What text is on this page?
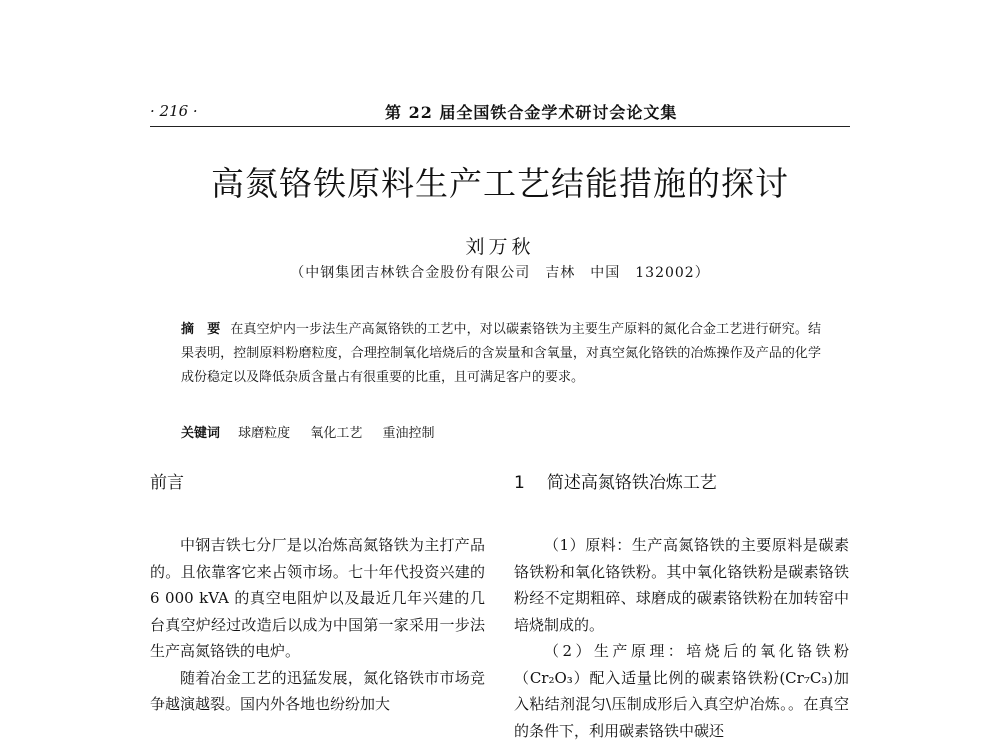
· 216 ·	第 22 届全国铁合金学术研讨会论文集
高氮铬铁原料生产工艺结能措施的探讨
刘万秋
（中钢集团吉林铁合金股份有限公司　吉林　中国　132002）
摘　要 在真空炉内一步法生产高氮铬铁的工艺中，对以碳素铬铁为主要生产原料的氮化合金工艺进行研究。结果表明，控制原料粉磨粒度，合理控制氧化培烧后的含炭量和含氧量，对真空氮化铬铁的冶炼操作及产品的化学成份稳定以及降低杂质含量占有很重要的比重，且可满足客户的要求。
关键词 球磨粒度 氧化工艺 重油控制
前言

中钢吉铁七分厂是以冶炼高氮铬铁为主打产品的。且依靠客它来占领市场。七十年代投资兴建的 6 000 kVA 的真空电阻炉以及最近几年兴建的几台真空炉经过改造后以成为中国第一家采用一步法生产高氮铬铁的电炉。

随着冶金工艺的迅猛发展，氮化铬铁市市场竞争越演越裂。国内外各地也纷纷加大

1 简述高氮铬铁冶炼工艺

（1）原料：生产高氮铬铁的主要原料是碳素铬铁粉和氧化铬铁粉。其中氧化铬铁粉是碳素铬铁粉经不定期粗碎、球磨成的碳素铬铁粉在加转窑中培烧制成的。

（2）生产原理：培烧后的氧化铬铁粉（Cr₂O₃）配入适量比例的碳素铬铁粉(Cr₇C₃)加入粘结剂混匀\压制成形后入真空炉冶炼。。在真空的条件下，利用碳素铬铁中碳还
